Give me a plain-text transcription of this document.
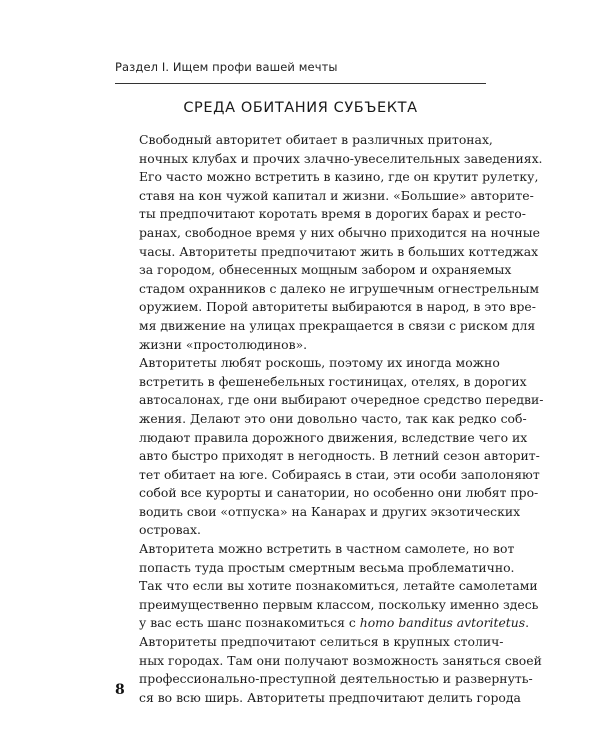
Раздел I. Ищем профи вашей мечты
СРЕДА ОБИТАНИЯ СУБЪЕКТА
Свободный авторитет обитает в различных притонах,
ночных клубах и прочих злачно-увеселительных заведениях.
Его часто можно встретить в казино, где он крутит рулетку,
ставя на кон чужой капитал и жизни. «Большие» авторите-
ты предпочитают коротать время в дорогих барах и ресто-
ранах, свободное время у них обычно приходится на ночные
часы. Авторитеты предпочитают жить в больших коттеджах
за городом, обнесенных мощным забором и охраняемых
стадом охранников с далеко не игрушечным огнестрельным
оружием. Порой авторитеты выбираются в народ, в это вре-
мя движение на улицах прекращается в связи с риском для
жизни «простолюдинов».
Авторитеты любят роскошь, поэтому их иногда можно
встретить в фешенебельных гостиницах, отелях, в дорогих
автосалонах, где они выбирают очередное средство передви-
жения. Делают это они довольно часто, так как редко соб-
людают правила дорожного движения, вследствие чего их
авто быстро приходят в негодность. В летний сезон авторит-
тет обитает на юге. Собираясь в стаи, эти особи заполоняют
собой все курорты и санатории, но особенно они любят про-
водить свои «отпуска» на Канарах и других экзотических
островах.
Авторитета можно встретить в частном самолете, но вот
попасть туда простым смертным весьма проблематично.
Так что если вы хотите познакомиться, летайте самолетами
преимущественно первым классом, поскольку именно здесь
у вас есть шанс познакомиться с homo banditus avtoritetus.
Авторитеты предпочитают селиться в крупных столич-
ных городах. Там они получают возможность заняться своей
профессионально-преступной деятельностью и развернуть-
ся во всю ширь. Авторитеты предпочитают делить города
8
